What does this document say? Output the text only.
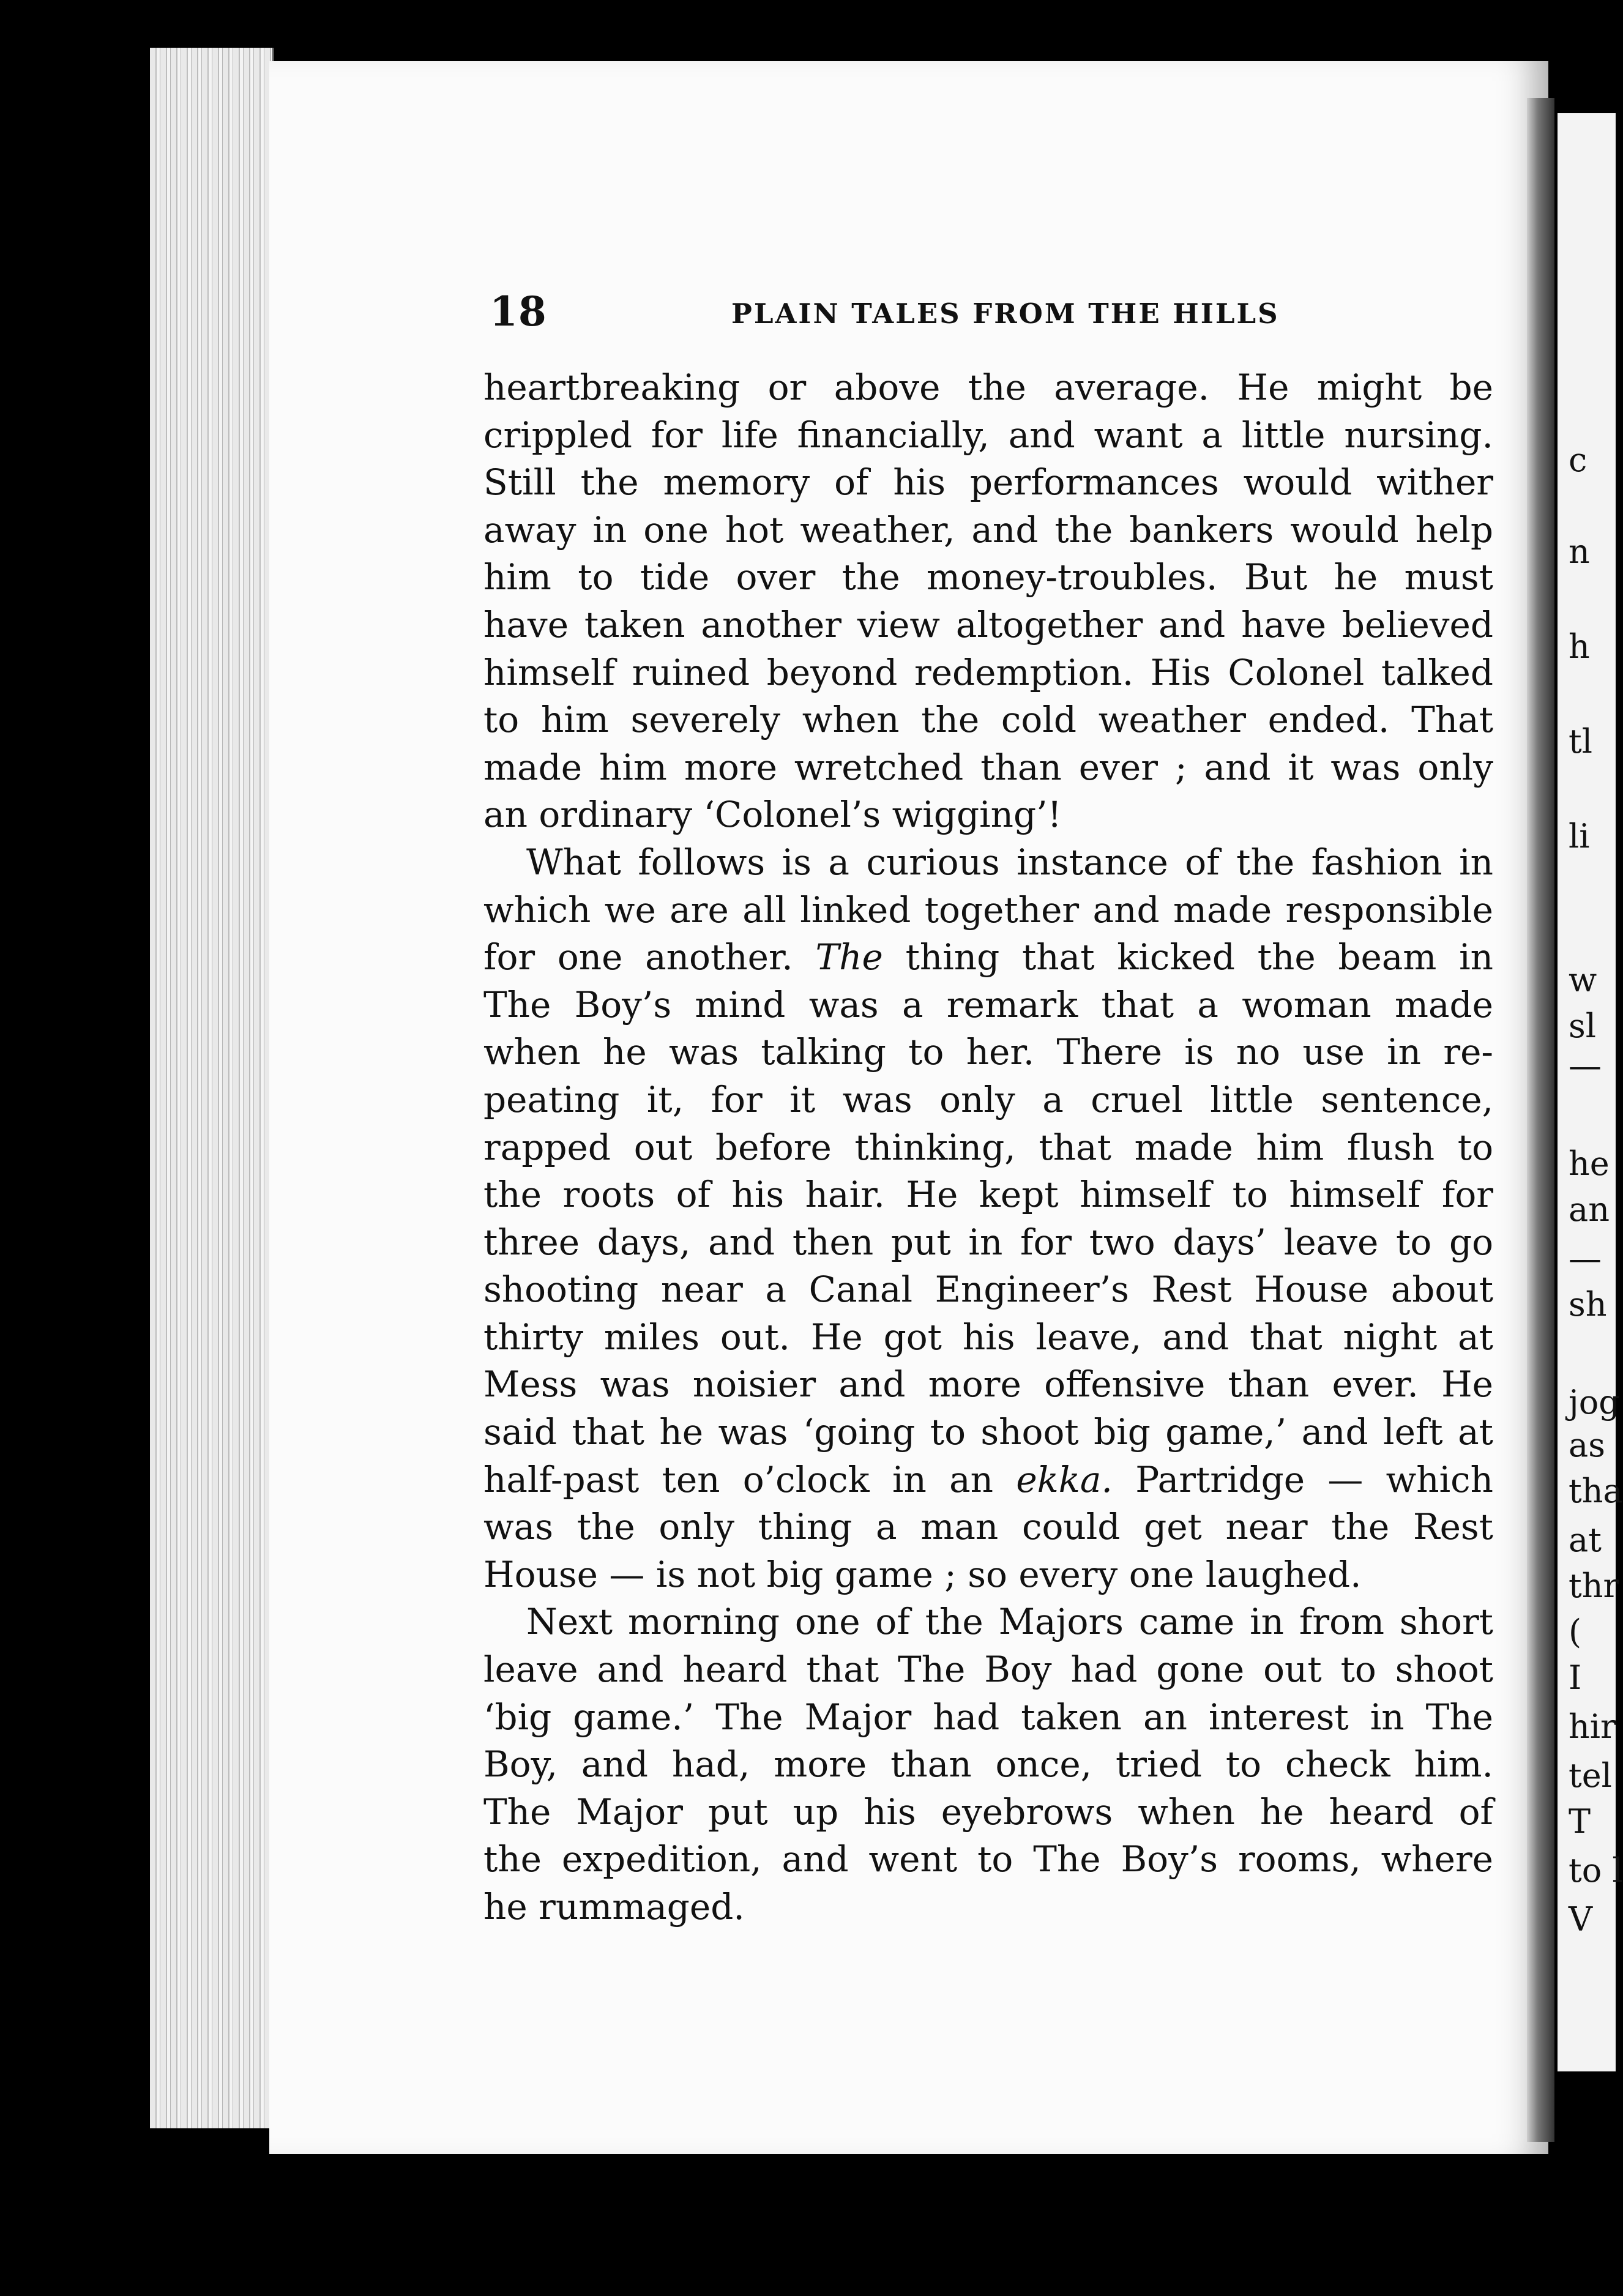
c
n
h
tl
li
w
sl
—
he
an
—
sh
jog
as
tha
at
thr
(
I
hir
tel
T
to l
V
18	PLAIN TALES FROM THE HILLS
heartbreaking or above the average. He might be
crippled for life financially, and want a little nursing.
Still the memory of his performances would wither
away in one hot weather, and the bankers would help
him to tide over the money-troubles. But he must
have taken another view altogether and have believed
himself ruined beyond redemption. His Colonel talked
to him severely when the cold weather ended. That
made him more wretched than ever ; and it was only
an ordinary ‘Colonel’s wigging’!
What follows is a curious instance of the fashion in
which we are all linked together and made responsible
for one another. The thing that kicked the beam in
The Boy’s mind was a remark that a woman made
when he was talking to her. There is no use in re-
peating it, for it was only a cruel little sentence,
rapped out before thinking, that made him flush to
the roots of his hair. He kept himself to himself for
three days, and then put in for two days’ leave to go
shooting near a Canal Engineer’s Rest House about
thirty miles out. He got his leave, and that night at
Mess was noisier and more offensive than ever. He
said that he was ‘going to shoot big game,’ and left at
half-past ten o’clock in an ekka. Partridge — which
was the only thing a man could get near the Rest
House — is not big game ; so every one laughed.
Next morning one of the Majors came in from short
leave and heard that The Boy had gone out to shoot
‘big game.’ The Major had taken an interest in The
Boy, and had, more than once, tried to check him.
The Major put up his eyebrows when he heard of
the expedition, and went to The Boy’s rooms, where
he rummaged.
